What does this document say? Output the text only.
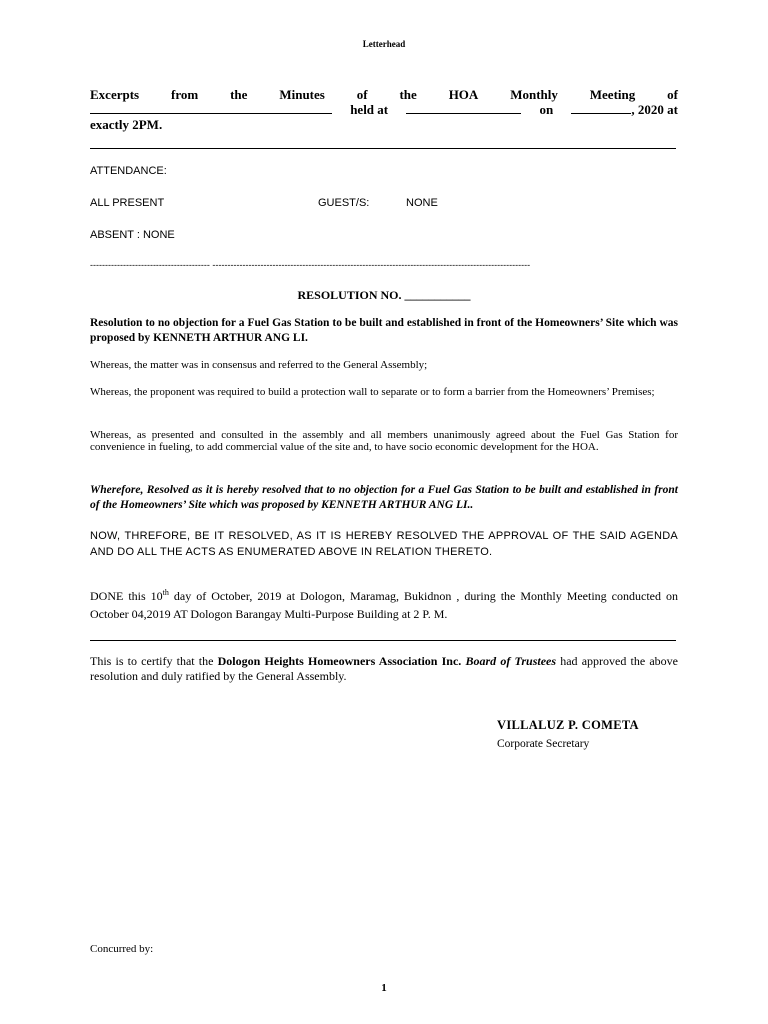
Letterhead
Excerpts from the Minutes of the HOA Monthly Meeting of
held at	on	, 2020 at
exactly 2PM.
ATTENDANCE:
ALL PRESENT	GUEST/S:	NONE
ABSENT : NONE
---------------------------------------- ----------------------------------------------------------------------------------------------------------
RESOLUTION NO. ___________
Resolution to no objection for a Fuel Gas Station to be built and established in front of the Homeowners’ Site which was proposed by KENNETH ARTHUR ANG LI.
Whereas, the matter was in consensus and referred to the General Assembly;
Whereas, the proponent was required to build a protection wall to separate or to form a barrier from the Homeowners’ Premises;
Whereas, as presented and consulted in the assembly and all members unanimously agreed about the Fuel Gas Station for convenience in fueling, to add commercial value of the site and, to have socio economic development for the HOA.
Wherefore, Resolved as it is hereby resolved that to no objection for a Fuel Gas Station to be built and established in front of the Homeowners’ Site which was proposed by KENNETH ARTHUR ANG LI..
NOW, THREFORE, BE IT RESOLVED, AS IT IS HEREBY RESOLVED THE APPROVAL OF THE SAID AGENDA AND DO ALL THE ACTS AS ENUMERATED ABOVE IN RELATION THERETO.
DONE this 10th day of October, 2019 at Dologon, Maramag, Bukidnon , during the Monthly Meeting conducted on October 04,2019 AT Dologon Barangay Multi-Purpose Building at 2 P. M.
This is to certify that the Dologon Heights Homeowners Association Inc. Board of Trustees had approved the above resolution and duly ratified by the General Assembly.
VILLALUZ P. COMETA
Corporate Secretary
Concurred by:
1
